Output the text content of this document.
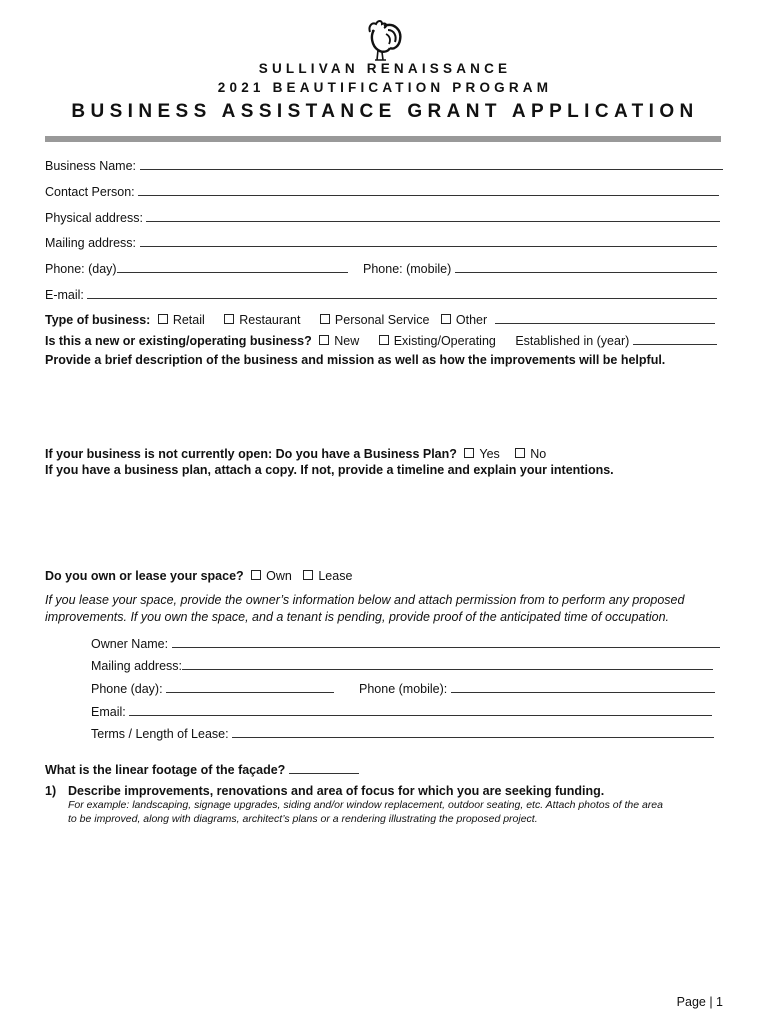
SULLIVAN RENAISSANCE
2021 BEAUTIFICATION PROGRAM
BUSINESS ASSISTANCE GRANT APPLICATION
Business Name:
Contact Person:
Physical address:
Mailing address:
Phone: (day)	Phone: (mobile)
E-mail:
Type of business: Retail	Restaurant	Personal Service Other
Is this a new or existing/operating business? New	Existing/Operating Established in (year)
Provide a brief description of the business and mission as well as how the improvements will be helpful.
If your business is not currently open: Do you have a Business Plan? Yes No
If you have a business plan, attach a copy. If not, provide a timeline and explain your intentions.
Do you own or lease your space? Own Lease
If you lease your space, provide the owner’s information below and attach permission from to perform any proposed
improvements. If you own the space, and a tenant is pending, provide proof of the anticipated time of occupation.
Owner Name:
Mailing address:
Phone (day):	Phone (mobile):
Email:
Terms / Length of Lease:
What is the linear footage of the façade?
1) Describe improvements, renovations and area of focus for which you are seeking funding.
For example: landscaping, signage upgrades, siding and/or window replacement, outdoor seating, etc. Attach photos of the area
to be improved, along with diagrams, architect’s plans or a rendering illustrating the proposed project.
Page | 1
